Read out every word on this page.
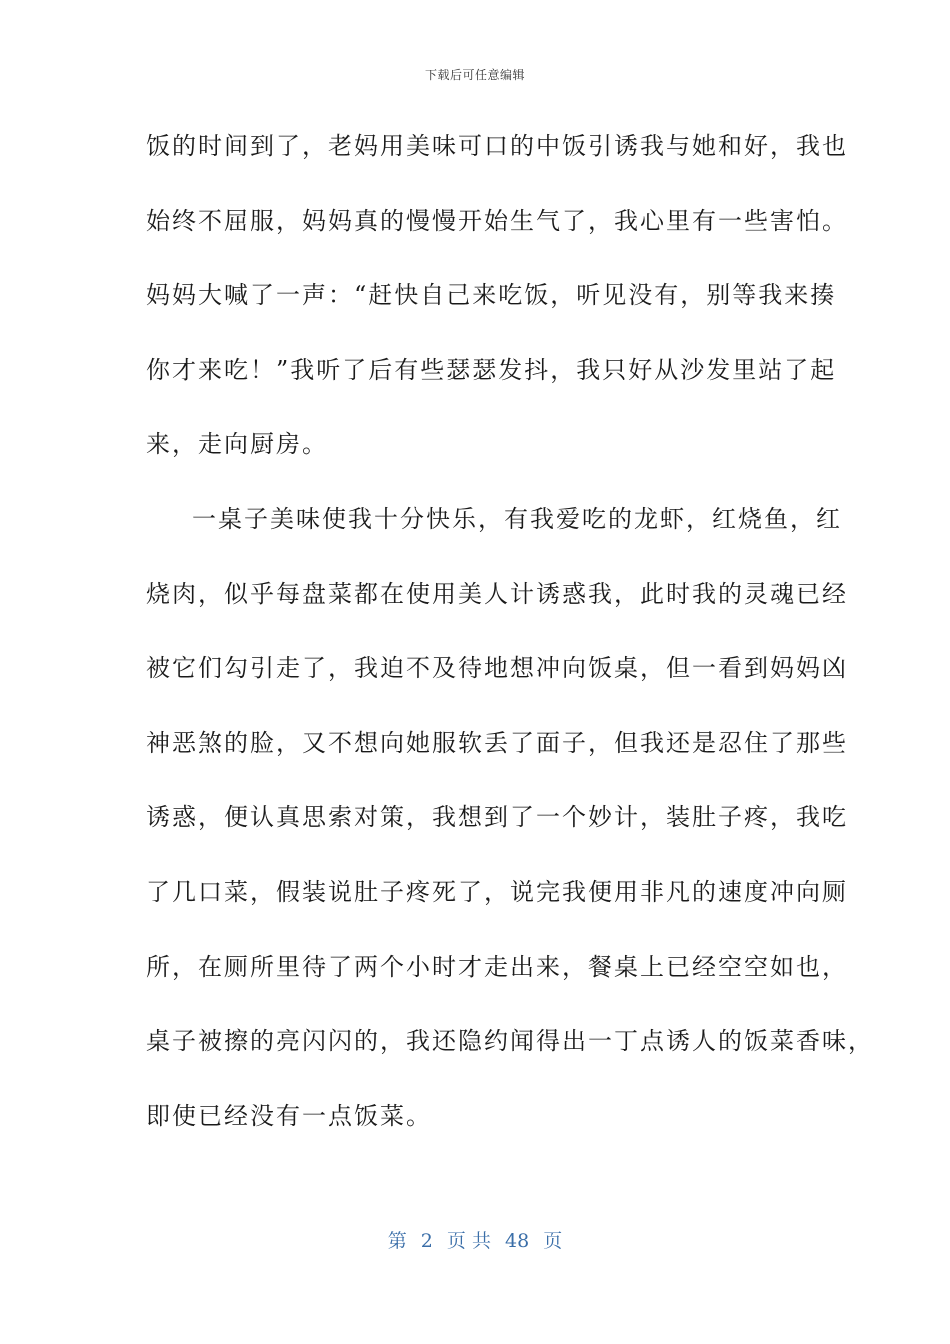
下载后可任意编辑
饭的时间到了，老妈用美味可口的中饭引诱我与她和好，我也
始终不屈服，妈妈真的慢慢开始生气了，我心里有一些害怕。
妈妈大喊了一声：“赶快自己来吃饭，听见没有，别等我来揍
你才来吃！”我听了后有些瑟瑟发抖，我只好从沙发里站了起
来，走向厨房。
一桌子美味使我十分快乐，有我爱吃的龙虾，红烧鱼，红
烧肉，似乎每盘菜都在使用美人计诱惑我，此时我的灵魂已经
被它们勾引走了，我迫不及待地想冲向饭桌，但一看到妈妈凶
神恶煞的脸，又不想向她服软丢了面子，但我还是忍住了那些
诱惑，便认真思索对策，我想到了一个妙计，装肚子疼，我吃
了几口菜，假装说肚子疼死了，说完我便用非凡的速度冲向厕
所，在厕所里待了两个小时才走出来，餐桌上已经空空如也，
桌子被擦的亮闪闪的，我还隐约闻得出一丁点诱人的饭菜香味，
即使已经没有一点饭菜。
第 2 页 共 48 页
